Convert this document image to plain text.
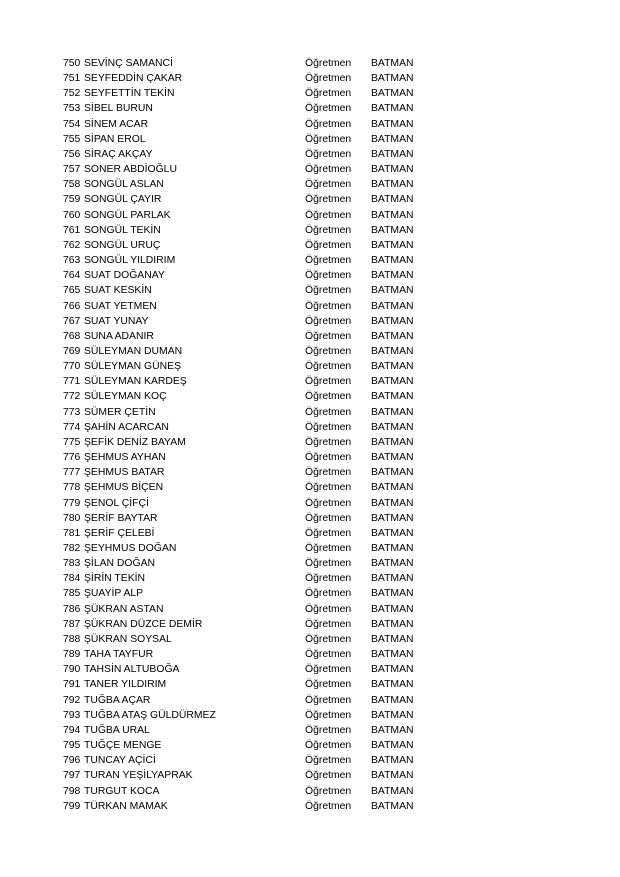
750 SEVİNÇ SAMANCİ	Öğretmen BATMAN
751 SEYFEDDİN ÇAKAR	Öğretmen BATMAN
752 SEYFETTİN TEKİN	Öğretmen BATMAN
753 SİBEL BURUN	Öğretmen BATMAN
754 SİNEM ACAR	Öğretmen BATMAN
755 SİPAN EROL	Öğretmen BATMAN
756 SİRAÇ AKÇAY	Öğretmen BATMAN
757 SONER ABDİOĞLU	Öğretmen BATMAN
758 SONGÜL ASLAN	Öğretmen BATMAN
759 SONGÜL ÇAYIR	Öğretmen BATMAN
760 SONGÜL PARLAK	Öğretmen BATMAN
761 SONGÜL TEKİN	Öğretmen BATMAN
762 SONGÜL URUÇ	Öğretmen BATMAN
763 SONGÜL YILDIRIM	Öğretmen BATMAN
764 SUAT DOĞANAY	Öğretmen BATMAN
765 SUAT KESKİN	Öğretmen BATMAN
766 SUAT YETMEN	Öğretmen BATMAN
767 SUAT YUNAY	Öğretmen BATMAN
768 SUNA ADANIR	Öğretmen BATMAN
769 SÜLEYMAN DUMAN	Öğretmen BATMAN
770 SÜLEYMAN GÜNEŞ	Öğretmen BATMAN
771 SÜLEYMAN KARDEŞ	Öğretmen BATMAN
772 SÜLEYMAN KOÇ	Öğretmen BATMAN
773 SÜMER ÇETİN	Öğretmen BATMAN
774 ŞAHİN ACARCAN	Öğretmen BATMAN
775 ŞEFİK DENİZ BAYAM	Öğretmen BATMAN
776 ŞEHMUS AYHAN	Öğretmen BATMAN
777 ŞEHMUS BATAR	Öğretmen BATMAN
778 ŞEHMUS BİÇEN	Öğretmen BATMAN
779 ŞENOL ÇİFÇİ	Öğretmen BATMAN
780 ŞERİF BAYTAR	Öğretmen BATMAN
781 ŞERİF ÇELEBİ	Öğretmen BATMAN
782 ŞEYHMUS DOĞAN	Öğretmen BATMAN
783 ŞİLAN DOĞAN	Öğretmen BATMAN
784 ŞİRİN TEKİN	Öğretmen BATMAN
785 ŞUAYİP ALP	Öğretmen BATMAN
786 ŞÜKRAN ASTAN	Öğretmen BATMAN
787 ŞÜKRAN DÜZCE DEMİR	Öğretmen BATMAN
788 ŞÜKRAN SOYSAL	Öğretmen BATMAN
789 TAHA TAYFUR	Öğretmen BATMAN
790 TAHSİN ALTUBOĞA	Öğretmen BATMAN
791 TANER YILDIRIM	Öğretmen BATMAN
792 TUĞBA AÇAR	Öğretmen BATMAN
793 TUĞBA ATAŞ GÜLDÜRMEZ	Öğretmen BATMAN
794 TUĞBA URAL	Öğretmen BATMAN
795 TUĞÇE MENGE	Öğretmen BATMAN
796 TUNCAY AÇİCİ	Öğretmen BATMAN
797 TURAN YEŞİLYAPRAK	Öğretmen BATMAN
798 TURGUT KOCA	Öğretmen BATMAN
799 TÜRKAN MAMAK	Öğretmen BATMAN
